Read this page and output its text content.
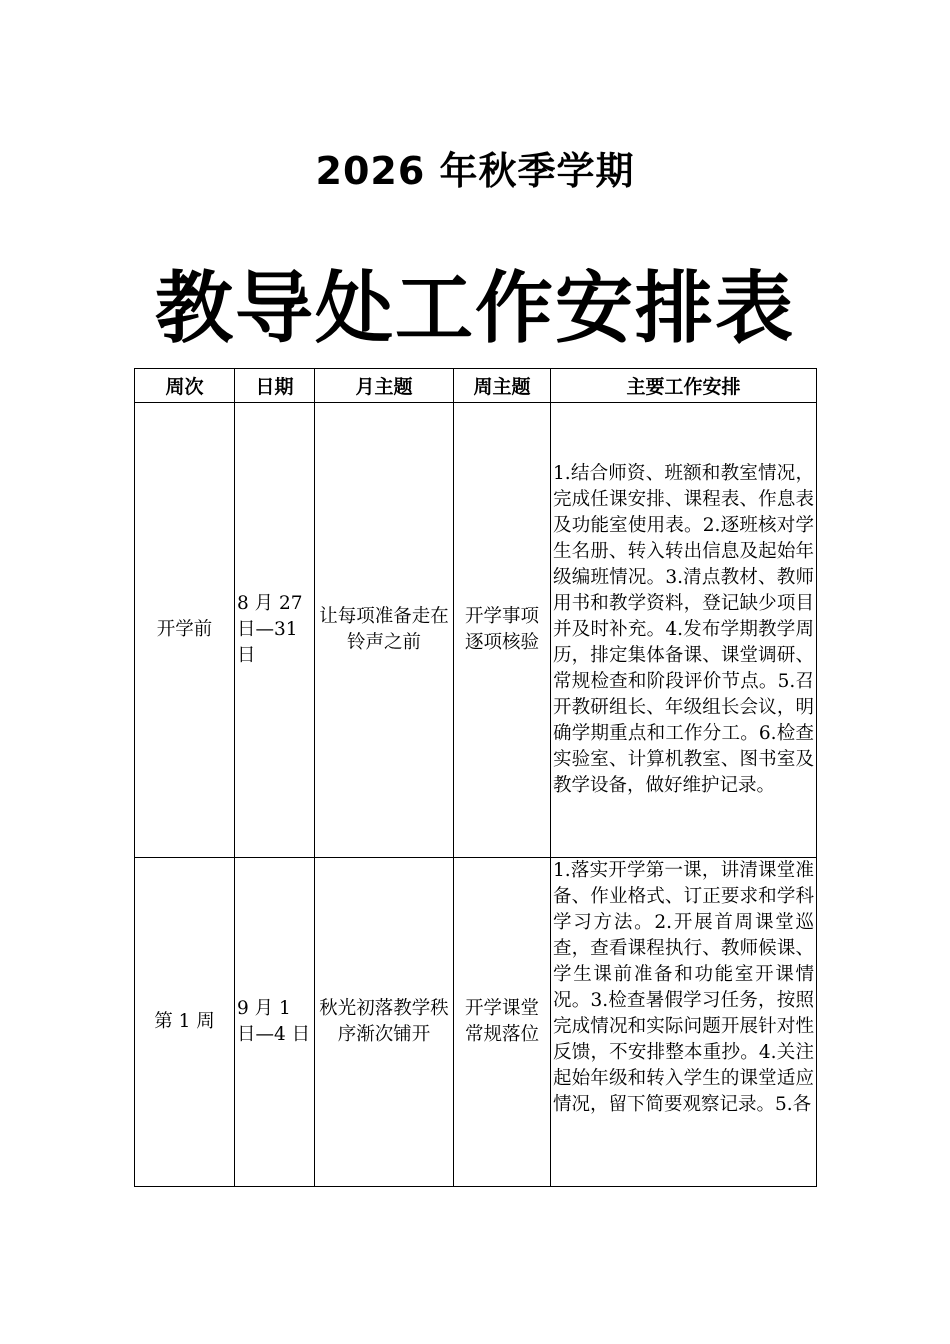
2026 年秋季学期
教导处工作安排表
周次	日期	月主题	周主题	主要工作安排
开学前	8 月 27 日—31 日	让每项准备走在铃声之前	开学事项逐项核验	1.结合师资、班额和教室情况，完成任课安排、课程表、作息表及功能室使用表。2.逐班核对学生名册、转入转出信息及起始年级编班情况。3.清点教材、教师用书和教学资料，登记缺少项目并及时补充。4.发布学期教学周历，排定集体备课、课堂调研、常规检查和阶段评价节点。5.召开教研组长、年级组长会议，明确学期重点和工作分工。6.检查实验室、计算机教室、图书室及教学设备，做好维护记录。
第 1 周	9 月 1 日—4 日	秋光初落教学秩序渐次铺开	开学课堂常规落位	1.落实开学第一课，讲清课堂准备、作业格式、订正要求和学科学习方法。2.开展首周课堂巡查，查看课程执行、教师候课、学生课前准备和功能室开课情况。3.检查暑假学习任务，按照完成情况和实际问题开展针对性反馈，不安排整本重抄。4.关注起始年级和转入学生的课堂适应情况，留下简要观察记录。5.各
